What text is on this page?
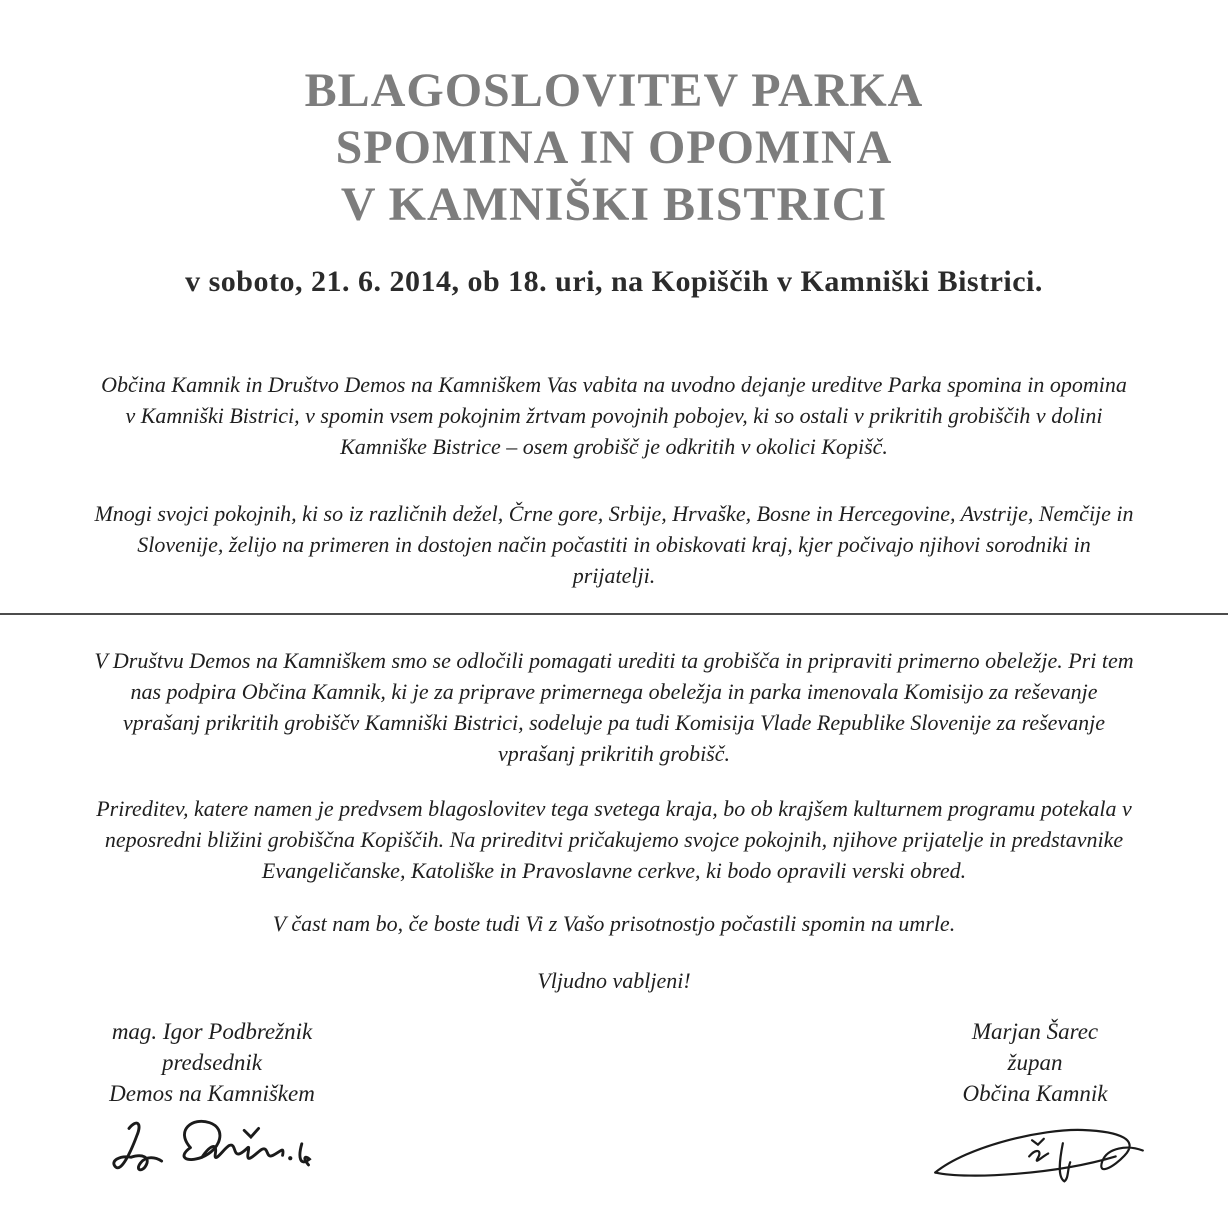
BLAGOSLOVITEV PARKA
SPOMINA IN OPOMINA
V KAMNIŠKI BISTRICI
v soboto, 21. 6. 2014, ob 18. uri, na Kopiščih v Kamniški Bistrici.

Občina Kamnik in Društvo Demos na Kamniškem Vas vabita na uvodno dejanje ureditve Parka spomina in opomina v Kamniški Bistrici, v spomin vsem pokojnim žrtvam povojnih pobojev, ki so ostali v prikritih grobiščih v dolini Kamniške Bistrice – osem grobišč je odkritih v okolici Kopišč.

Mnogi svojci pokojnih, ki so iz različnih dežel, Črne gore, Srbije, Hrvaške, Bosne in Hercegovine, Avstrije, Nemčije in Slovenije, želijo na primeren in dostojen način počastiti in obiskovati kraj, kjer počivajo njihovi sorodniki in prijatelji.

V Društvu Demos na Kamniškem smo se odločili pomagati urediti ta grobišča in pripraviti primerno obeležje. Pri tem nas podpira Občina Kamnik, ki je za priprave primernega obeležja in parka imenovala Komisijo za reševanje vprašanj prikritih grobiščv Kamniški Bistrici, sodeluje pa tudi Komisija Vlade Republike Slovenije za reševanje vprašanj prikritih grobišč.

Prireditev, katere namen je predvsem blagoslovitev tega svetega kraja, bo ob krajšem kulturnem programu potekala v neposredni bližini grobiščna Kopiščih. Na prireditvi pričakujemo svojce pokojnih, njihove prijatelje in predstavnike Evangeličanske, Katoliške in Pravoslavne cerkve, ki bodo opravili verski obred.

V čast nam bo, če boste tudi Vi z Vašo prisotnostjo počastili spomin na umrle.

Vljudno vabljeni!

mag. Igor Podbrežnik
predsednik
Demos na Kamniškem
Marjan Šarec
župan
Občina Kamnik
